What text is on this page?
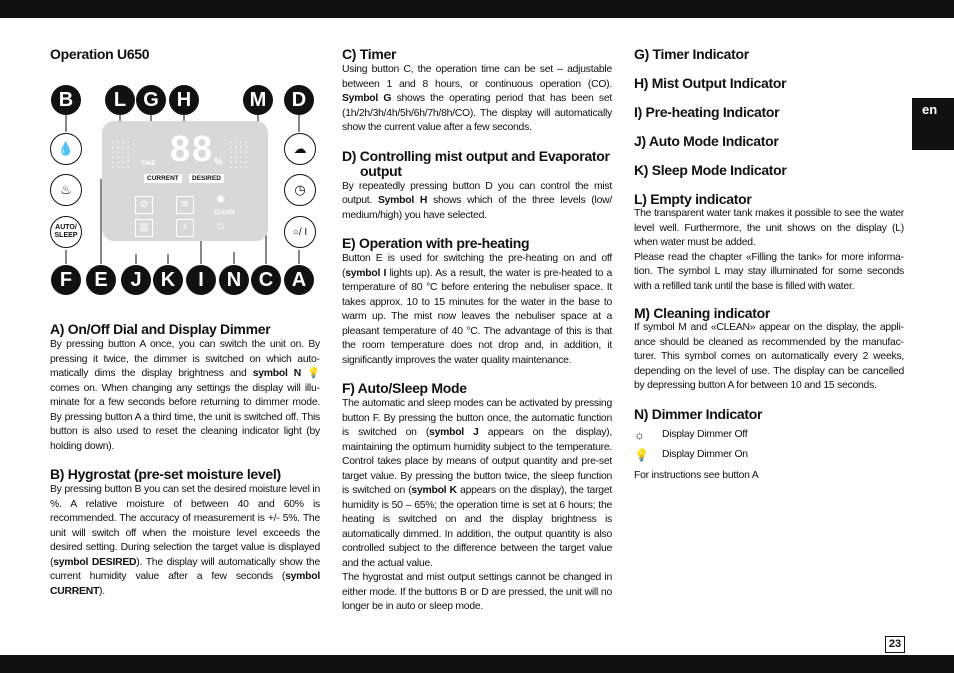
en
23
Operation U650
B	L G H	M	D
💧
♨
AUTO/
SLEEP
☁
◷
○/ I
• • • •
• • • •
• • • •
• • • •
• • • •
• • • •
• • • •
• • • •
• • • •
• • • •
• • • •
• • • •
88
TIME	%
CURRENT	DESIRED
⊘	≋	✺
CLEAN
▥	⚡	☼
F	E	J K	I	N C A
A) On/Off Dial and Display Dimmer

By pressing button A once, you can switch the unit on. By pressing it twice, the dimmer is switched on which automatically dims the display brightness and symbol N 💡 comes on. When changing any settings the display will illuminate for a few seconds before returning to dimmer mode. By pressing button A a third time, the unit is switched off. This button is also used to reset the cleaning indicator light (by holding down).

B) Hygrostat (pre-set moisture level)

By pressing button B you can set the desired moisture level in %. A relative moisture of between 40 and 60% is recommended. The accuracy of measurement is +/- 5%. The unit will switch off when the moisture level exceeds the desired setting. During selection the target value is displayed (symbol DESIRED). The display will automatically show the current humidity value after a few seconds (symbol CURRENT).

C) Timer

Using button C, the operation time can be set – adjustable between 1 and 8 hours, or continuous operation (CO). Symbol G shows the operating period that has been set (1h/2h/3h/4h/5h/6h/7h/8h/CO). The display will automatically show the current value after a few seconds.

D) Controlling mist output and Evaporator
output

By repeatedly pressing button D you can control the mist output. Symbol H shows which of the three levels (low/ medium/high) you have selected.

E) Operation with pre-heating

Button E is used for switching the pre-heating on and off (symbol I lights up). As a result, the water is pre-heated to a temperature of 80 °C before entering the nebuliser space. It takes approx. 10 to 15 minutes for the water in the base to warm up. The mist now leaves the nebuliser space at a pleasant temperature of 40 °C. The advantage of this is that the room temperature does not drop and, in addition, it significantly improves the water quality maintenance.

F) Auto/Sleep Mode

The automatic and sleep modes can be activated by pressing button F. By pressing the button once, the automatic function is switched on (symbol J appears on the display), maintaining the optimum humidity subject to the temperature. Control takes place by means of output quantity and pre-set target value. By pressing the button twice, the sleep function is switched on (symbol K appears on the display), the target humidity is 50 – 65%; the operation time is set at 6 hours; the heating is switched on and the display brightness is automatically dimmed. In addition, the output quantity is also controlled subject to the difference between the target value and the actual value.

The hygrostat and mist output settings cannot be changed in either mode. If the buttons B or D are pressed, the unit will no longer be in auto or sleep mode.

G) Timer Indicator
H) Mist Output Indicator
I) Pre-heating Indicator
J) Auto Mode Indicator
K) Sleep Mode Indicator
L) Empty indicator

The transparent water tank makes it possible to see the water level well. Furthermore, the unit shows on the display (L) when water must be added.

Please read the chapter «Filling the tank» for more information. The symbol L may stay illuminated for some seconds with a refilled tank until the base is filled with water.

M) Cleaning indicator

If symbol M and «CLEAN» appear on the display, the appliance should be cleaned as recommended by the manufacturer. This symbol comes on automatically every 2 weeks, depending on the level of use. The display can be cancelled by depressing button A for between 10 and 15 seconds.

N) Dimmer Indicator
☼	Display Dimmer Off
💡	Display Dimmer On

For instructions see button A
